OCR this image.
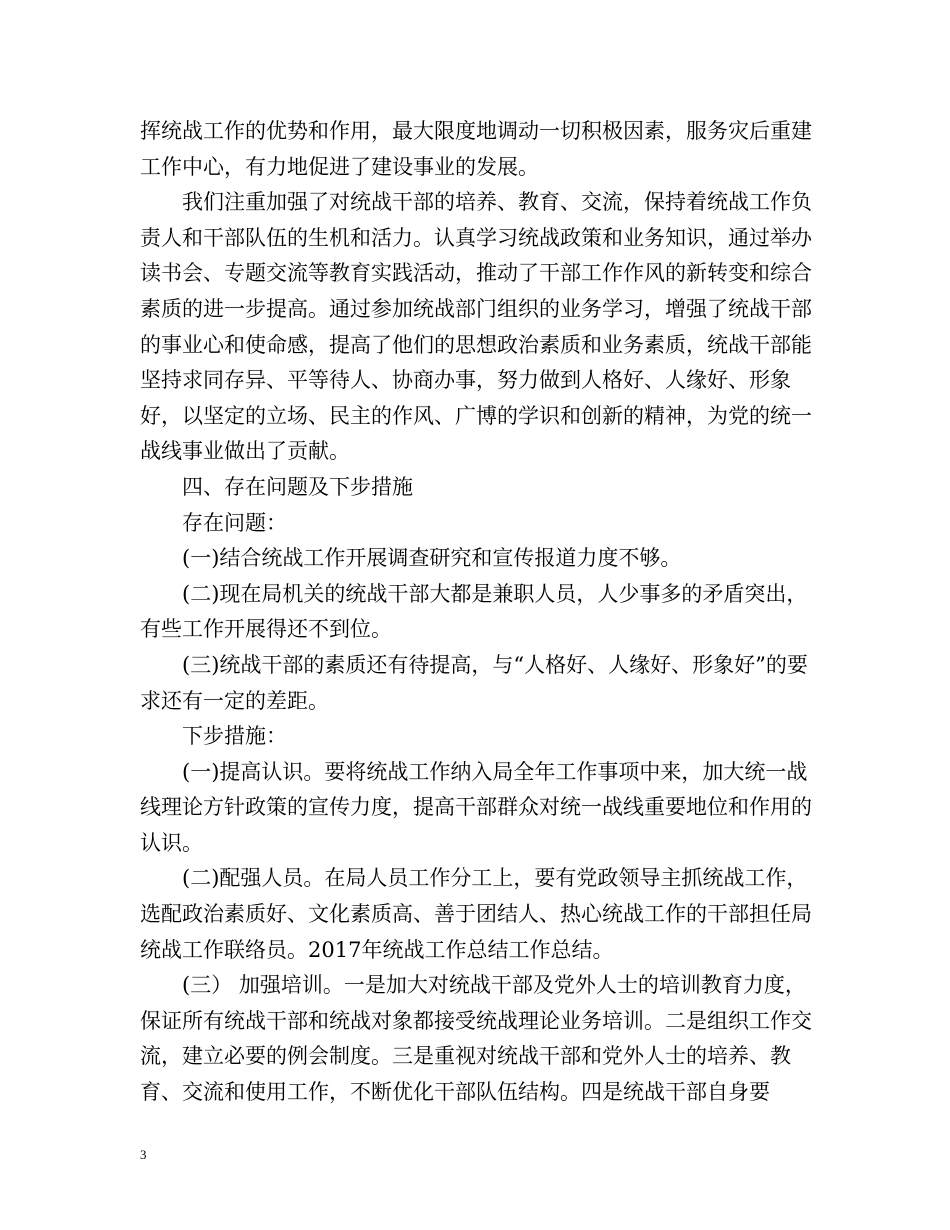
挥统战工作的优势和作用，最大限度地调动一切积极因素，服务灾后重建工作中心，有力地促进了建设事业的发展。

我们注重加强了对统战干部的培养、教育、交流，保持着统战工作负责人和干部队伍的生机和活力。认真学习统战政策和业务知识，通过举办读书会、专题交流等教育实践活动，推动了干部工作作风的新转变和综合素质的进一步提高。通过参加统战部门组织的业务学习，增强了统战干部的事业心和使命感，提高了他们的思想政治素质和业务素质，统战干部能坚持求同存异、平等待人、协商办事，努力做到人格好、人缘好、形象好，以坚定的立场、民主的作风、广博的学识和创新的精神，为党的统一战线事业做出了贡献。

四、存在问题及下步措施

存在问题：

(一)结合统战工作开展调查研究和宣传报道力度不够。

(二)现在局机关的统战干部大都是兼职人员，人少事多的矛盾突出，有些工作开展得还不到位。

(三)统战干部的素质还有待提高，与“人格好、人缘好、形象好”的要求还有一定的差距。

下步措施：

(一)提高认识。要将统战工作纳入局全年工作事项中来，加大统一战线理论方针政策的宣传力度，提高干部群众对统一战线重要地位和作用的认识。

(二)配强人员。在局人员工作分工上，要有党政领导主抓统战工作，选配政治素质好、文化素质高、善于团结人、热心统战工作的干部担任局统战工作联络员。2017年统战工作总结工作总结。

(三） 加强培训。一是加大对统战干部及党外人士的培训教育力度，保证所有统战干部和统战对象都接受统战理论业务培训。二是组织工作交流，建立必要的例会制度。三是重视对统战干部和党外人士的培养、教育、交流和使用工作，不断优化干部队伍结构。四是统战干部自身要

3
